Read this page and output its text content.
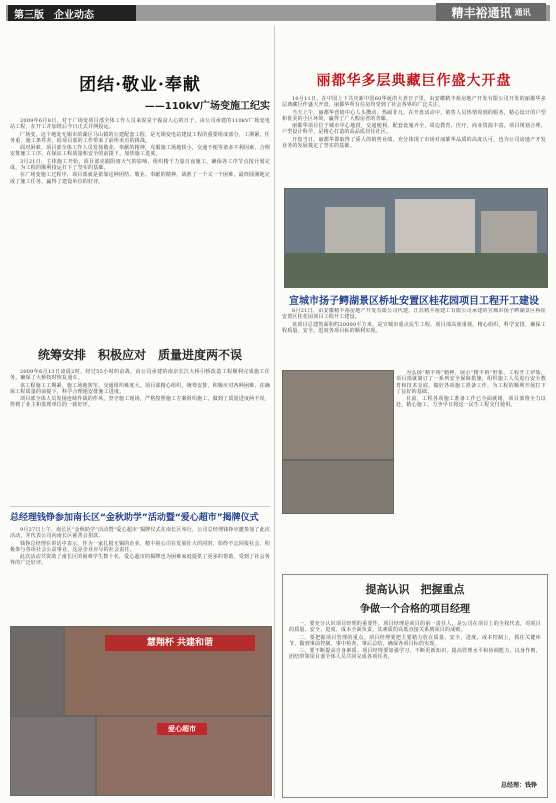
第三版 企业动态	精丰裕通讯 通讯
团结·敬业·奉献
——110kV广场变施工纪实

2009年6月8日，对于广场变项目部全体工作人员来说是个振奋人心的日子，由公司承建的110kV广场变电站工程，在开工并加班后今日正式并网投运。

广场变，这个地处无锡市滨湖区马山镇的公建配套工程，是无锡变电站建设工程的重要组成部分，工期紧，任务重，施工条件差，给项目部的工作带来了前所未有的挑战。

面对困难，项目部全体工作人员发扬敬业、奉献的精神，克服施工场地狭小，交通不便等诸多不利因素，合理安排施工工序，在保证工程质量和安全的前提下，加快施工进度。

3月21日，主体施工开始，项目部克服阴雨天气的影响，组织精干力量日夜施工，确保各工序节点按计划完成，为工程的顺利投运打下了坚实的基础。

在广场变施工过程中，项目部就是依靠这种团结、敬业、奉献的精神，战胜了一个又一个困难，最终圆满地完成了施工任务，赢得了建设单位的好评。

统筹安排　积极应对　质量进度两不误

2009年6月13日凌晨2时，经过55小时的奋战，由公司承建的南京长江大桥引桥改造工程顺利完成施工任务，确保了大桥按时恢复通车。

该工程施工工期紧，施工场地狭窄，交通组织难度大。项目部精心组织，统筹安排，积极应对各种困难，在确保工程质量的前提下，科学合理地安排施工进度。

项目部全体人员发扬连续作战的作风，坚守施工现场，严格按照施工方案组织施工，做到了质量进度两不误，得到了业主和监理单位的一致好评。

总经理钱铮参加南长区“金秋助学”活动暨“爱心超市”揭牌仪式

9月27日上午，南长区“金秋助学”活动暨“爱心超市”揭牌仪式在南长区举行，公司总经理钱铮应邀参加了此次活动，并代表公司向南长区慈善会捐款。

钱铮总经理在讲话中表示，作为一家扎根无锡的企业，精丰裕公司在发展壮大的同时，始终不忘回报社会，积极参与各项社会公益事业，这是企业应尽的社会责任。

此次活动共资助了南长区的困难学生数十名，爱心超市的揭牌也为困难家庭提供了更多的帮助，受到了社会各界的广泛好评。

慧翔杯 共建和谐
爱心超市
丽都华多层典藏巨作盛大开盘

10月11日，在中国上下共庆新中国60华诞的大喜日子里，由安徽精丰裕房地产开发有限公司开发的丽都华多层典藏巨作盛大开盘，丽都华所有住房均受到了社会各界的广泛关注。

当天上午，丽都华营销中心人头攒动，热闹非凡。在开盘活动中，销售人员热情周到的服务，精心设计的户型和优美的小区环境，赢得了广大购房者的青睐。

丽都华项目位于城市中心地段，交通便利，配套设施齐全，周边教育、医疗、商业资源丰富。项目规划合理，户型设计科学，是精心打造的高品质居住社区。

开盘当日，丽都华即取得了骄人的销售业绩，充分体现了市场对丽都华品质的高度认可，也为公司房地产开发业务的发展奠定了坚实的基础。

宣城市扬子鳄湖景区桥址安置区桂花园项目工程开工建设

8月21日，由安徽精丰裕房地产开发有限公司代建、江苏精丰裕建工有限公司承建的宣城市扬子鳄湖景区桥址安置区桂花园项目工程开工建设。

该项目总建筑面积约20000平方米，是宣城市重点民生工程。项目部高度重视，精心组织，科学安排，确保工程质量、安全、进度各项目标的顺利实现。

为弘扬“精丰裕”精神，展示“精丰裕”形象，工程开工伊始，项目部就制订了一系列安全保障措施，组织施工人员进行安全教育和技术交底，做好各项施工准备工作，为工程的顺利开展打下了良好的基础。

目前，工程各项施工准备工作已全面就绪，项目部将全力以赴，精心施工，力争早日将这一民生工程交付使用。

提高认识　把握重点
争做一个合格的项目经理

一、要充分认识项目经理的重要性。项目经理是项目的第一责任人，是公司在项目上的全权代表，对项目的质量、安全、进度、成本全面负责，其素质的高低直接关系到项目的成败。

二、要把握项目管理的重点。项目经理要把主要精力放在质量、安全、进度、成本控制上，抓住关键环节，做到事前控制、事中检查、事后总结，确保各项目标的实现。

三、要不断提高自身素质。项目经理要加强学习，不断更新知识，提高管理水平和协调能力，以身作则，团结带领项目部全体人员共同完成各项任务。

总经理：钱铮
